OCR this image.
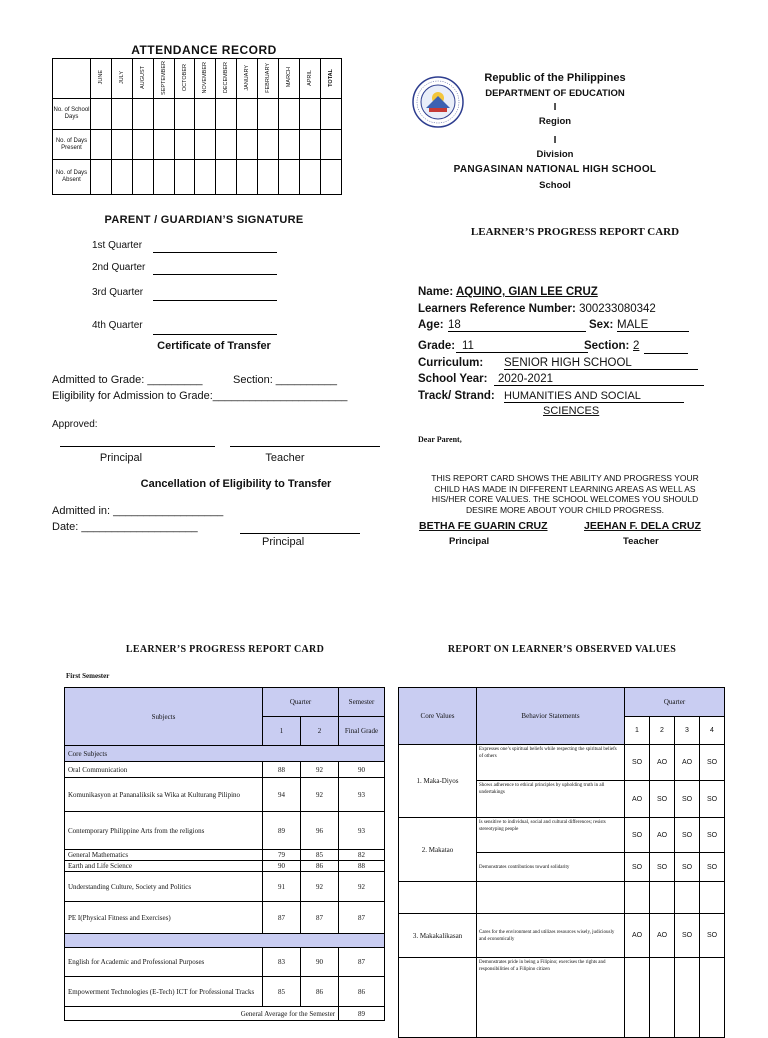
ATTENDANCE RECORD
	JUNE	JULY	AUGUST	SEPTEMBER	OCTOBER	NOVEMBER	DECEMBER	JANUARY	FEBRUARY	MARCH	APRIL	TOTAL
No. of School Days												
No. of Days Present												
No. of Days Absent												
PARENT / GUARDIAN’S SIGNATURE
1st Quarter
2nd Quarter
3rd Quarter
4th Quarter
Certificate of Transfer
Admitted to Grade: _________	Section: __________
Eligibility for Admission to Grade:______________________
Approved:
Principal	Teacher
Cancellation of Eligibility to Transfer
Admitted in: __________________
Date: ___________________
Principal
Republic of the Philippines
DEPARTMENT OF EDUCATION
I
Region
I
Division
PANGASINAN NATIONAL HIGH SCHOOL
School
LEARNER’S PROGRESS REPORT CARD
Name: AQUINO, GIAN LEE CRUZ
Learners Reference Number: 300233080342
Age: 18	Sex: MALE
Grade: 11	Section: 2
Curriculum: SENIOR HIGH SCHOOL
School Year: 2020-2021
Track/ Strand: HUMANITIES AND SOCIAL
SCIENCES
Dear Parent,
THIS REPORT CARD SHOWS THE ABILITY AND PROGRESS YOUR CHILD HAS MADE IN DIFFERENT LEARNING AREAS AS WELL AS HIS/HER CORE VALUES. THE SCHOOL WELCOMES YOU SHOULD DESIRE MORE ABOUT YOUR CHILD PROGRESS.
BETHA FE GUARIN CRUZ
Principal
JEEHAN F. DELA CRUZ
Teacher
LEARNER’S PROGRESS REPORT CARD
First Semester
Subjects	Quarter		Semester
	1	2	Final Grade
Core Subjects			
Oral Communication	88	92	90
Komunikasyon at Pananaliksik sa Wika at Kulturang Pilipino	94	92	93
Contemporary Philippine Arts from the religions	89	96	93
General Mathematics	79	85	82
Earth and Life Science	90	86	88
Understanding Culture, Society and Politics	91	92	92
PE I(Physical Fitness and Exercises)	87	87	87

English for Academic and Professional Purposes	83	90	87
Empowerment Technologies (E-Tech) ICT for Professional Tracks	85	86	86
General Average for the Semester			89
REPORT ON LEARNER’S OBSERVED VALUES
Core Values	Behavior Statements	Quarter			
		1	2	3	4
1. Maka-Diyos	Expresses one’s spiritual beliefs while respecting the spiritual beliefs of others	SO	AO	AO	SO
	Shows adherence to ethical principles by upholding truth in all undertakings	AO	SO	SO	SO
2. Makatao	Is sensitive to individual, social and cultural differences; resists stereotyping people	SO	AO	SO	SO
	Demonstrates contributions toward solidarity	SO	SO	SO	SO

3. Makakalikasan	Cares for the environment and utilizes resources wisely, judiciously and economically	AO	AO	SO	SO
	Demonstrates pride in being a Filipino; exercises the rights and responsibilities of a Filipino citizen				
